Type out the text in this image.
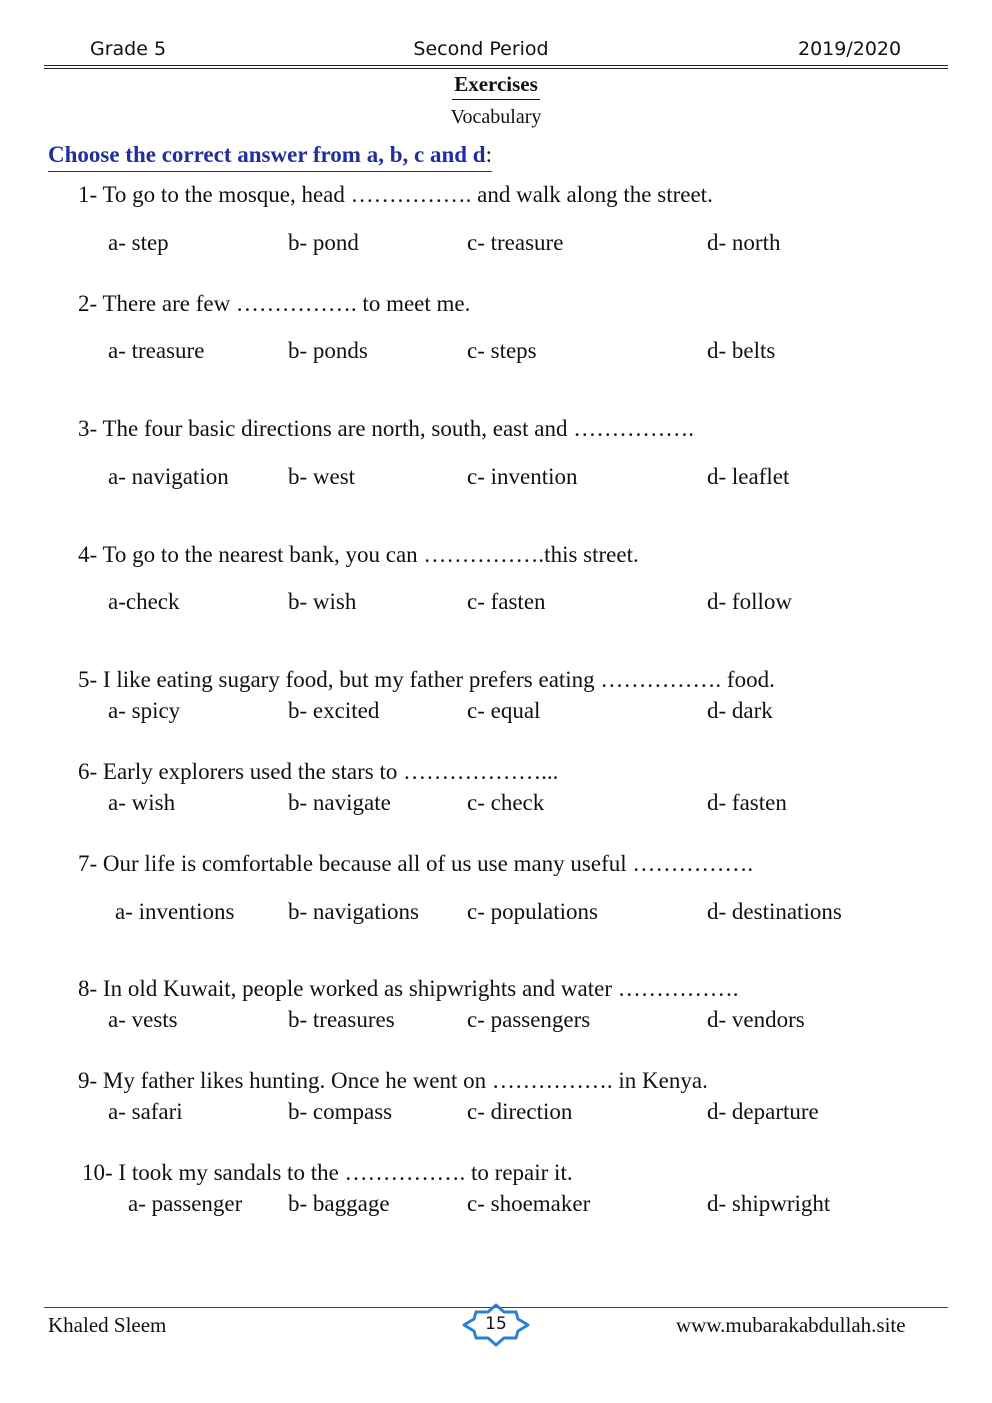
Grade 5	Second Period	2019/2020
Exercises
Vocabulary
Choose the correct answer from a, b, c and d:
1- To go to the mosque, head ……………. and walk along the street.
a- step	b- pond	c- treasure	d- north
2- There are few ……………. to meet me.
a- treasure	b- ponds	c- steps	d- belts
3- The four basic directions are north, south, east and …………….
a- navigation	b- west	c- invention	d- leaflet
4- To go to the nearest bank, you can …………….this street.
a-check	b- wish	c- fasten	d- follow
5- I like eating sugary food, but my father prefers eating ……………. food.
a- spicy	b- excited	c- equal	d- dark
6- Early explorers used the stars to ………………...
a- wish	b- navigate	c- check	d- fasten
7- Our life is comfortable because all of us use many useful …………….
a- inventions b- navigations c- populations	d- destinations
8- In old Kuwait, people worked as shipwrights and water …………….
a- vests	b- treasures	c- passengers	d- vendors
9- My father likes hunting. Once he went on ……………. in Kenya.
a- safari	b- compass	c- direction	d- departure
10- I took my sandals to the ……………. to repair it.
a- passenger b- baggage	c- shoemaker	d- shipwright
Khaled Sleem	15	www.mubarakabdullah.site
